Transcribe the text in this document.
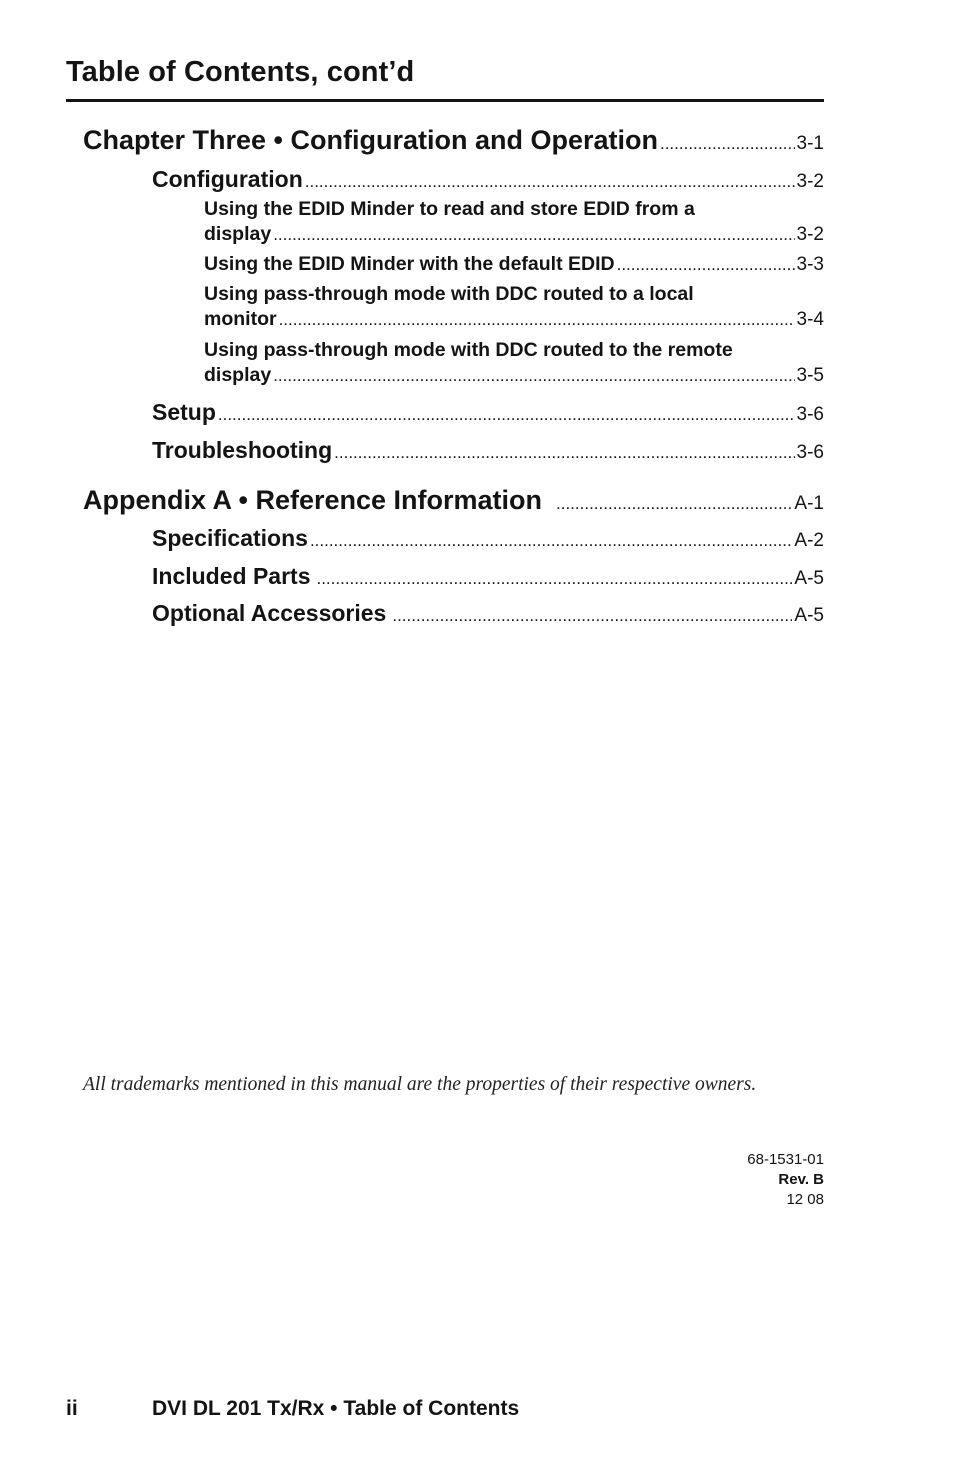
Table of Contents, cont’d
Chapter Three • Configuration and Operation .....	3-1
Configuration .....	3-2
Using the EDID Minder to read and store EDID from a
display .....	3-2
Using the EDID Minder with the default EDID .....	3-3
Using pass-through mode with DDC routed to a local
monitor .....	3-4
Using pass-through mode with DDC routed to the remote
display .....	3-5
Setup .....	3-6
Troubleshooting .....	3-6
Appendix A • Reference Information .....	A-1
Specifications .....	A-2
Included Parts .....	A-5
Optional Accessories .....	A-5
All trademarks mentioned in this manual are the properties of their respective owners.
68-1531-01
Rev. B
12 08
ii	DVI DL 201 Tx/Rx • Table of Contents
